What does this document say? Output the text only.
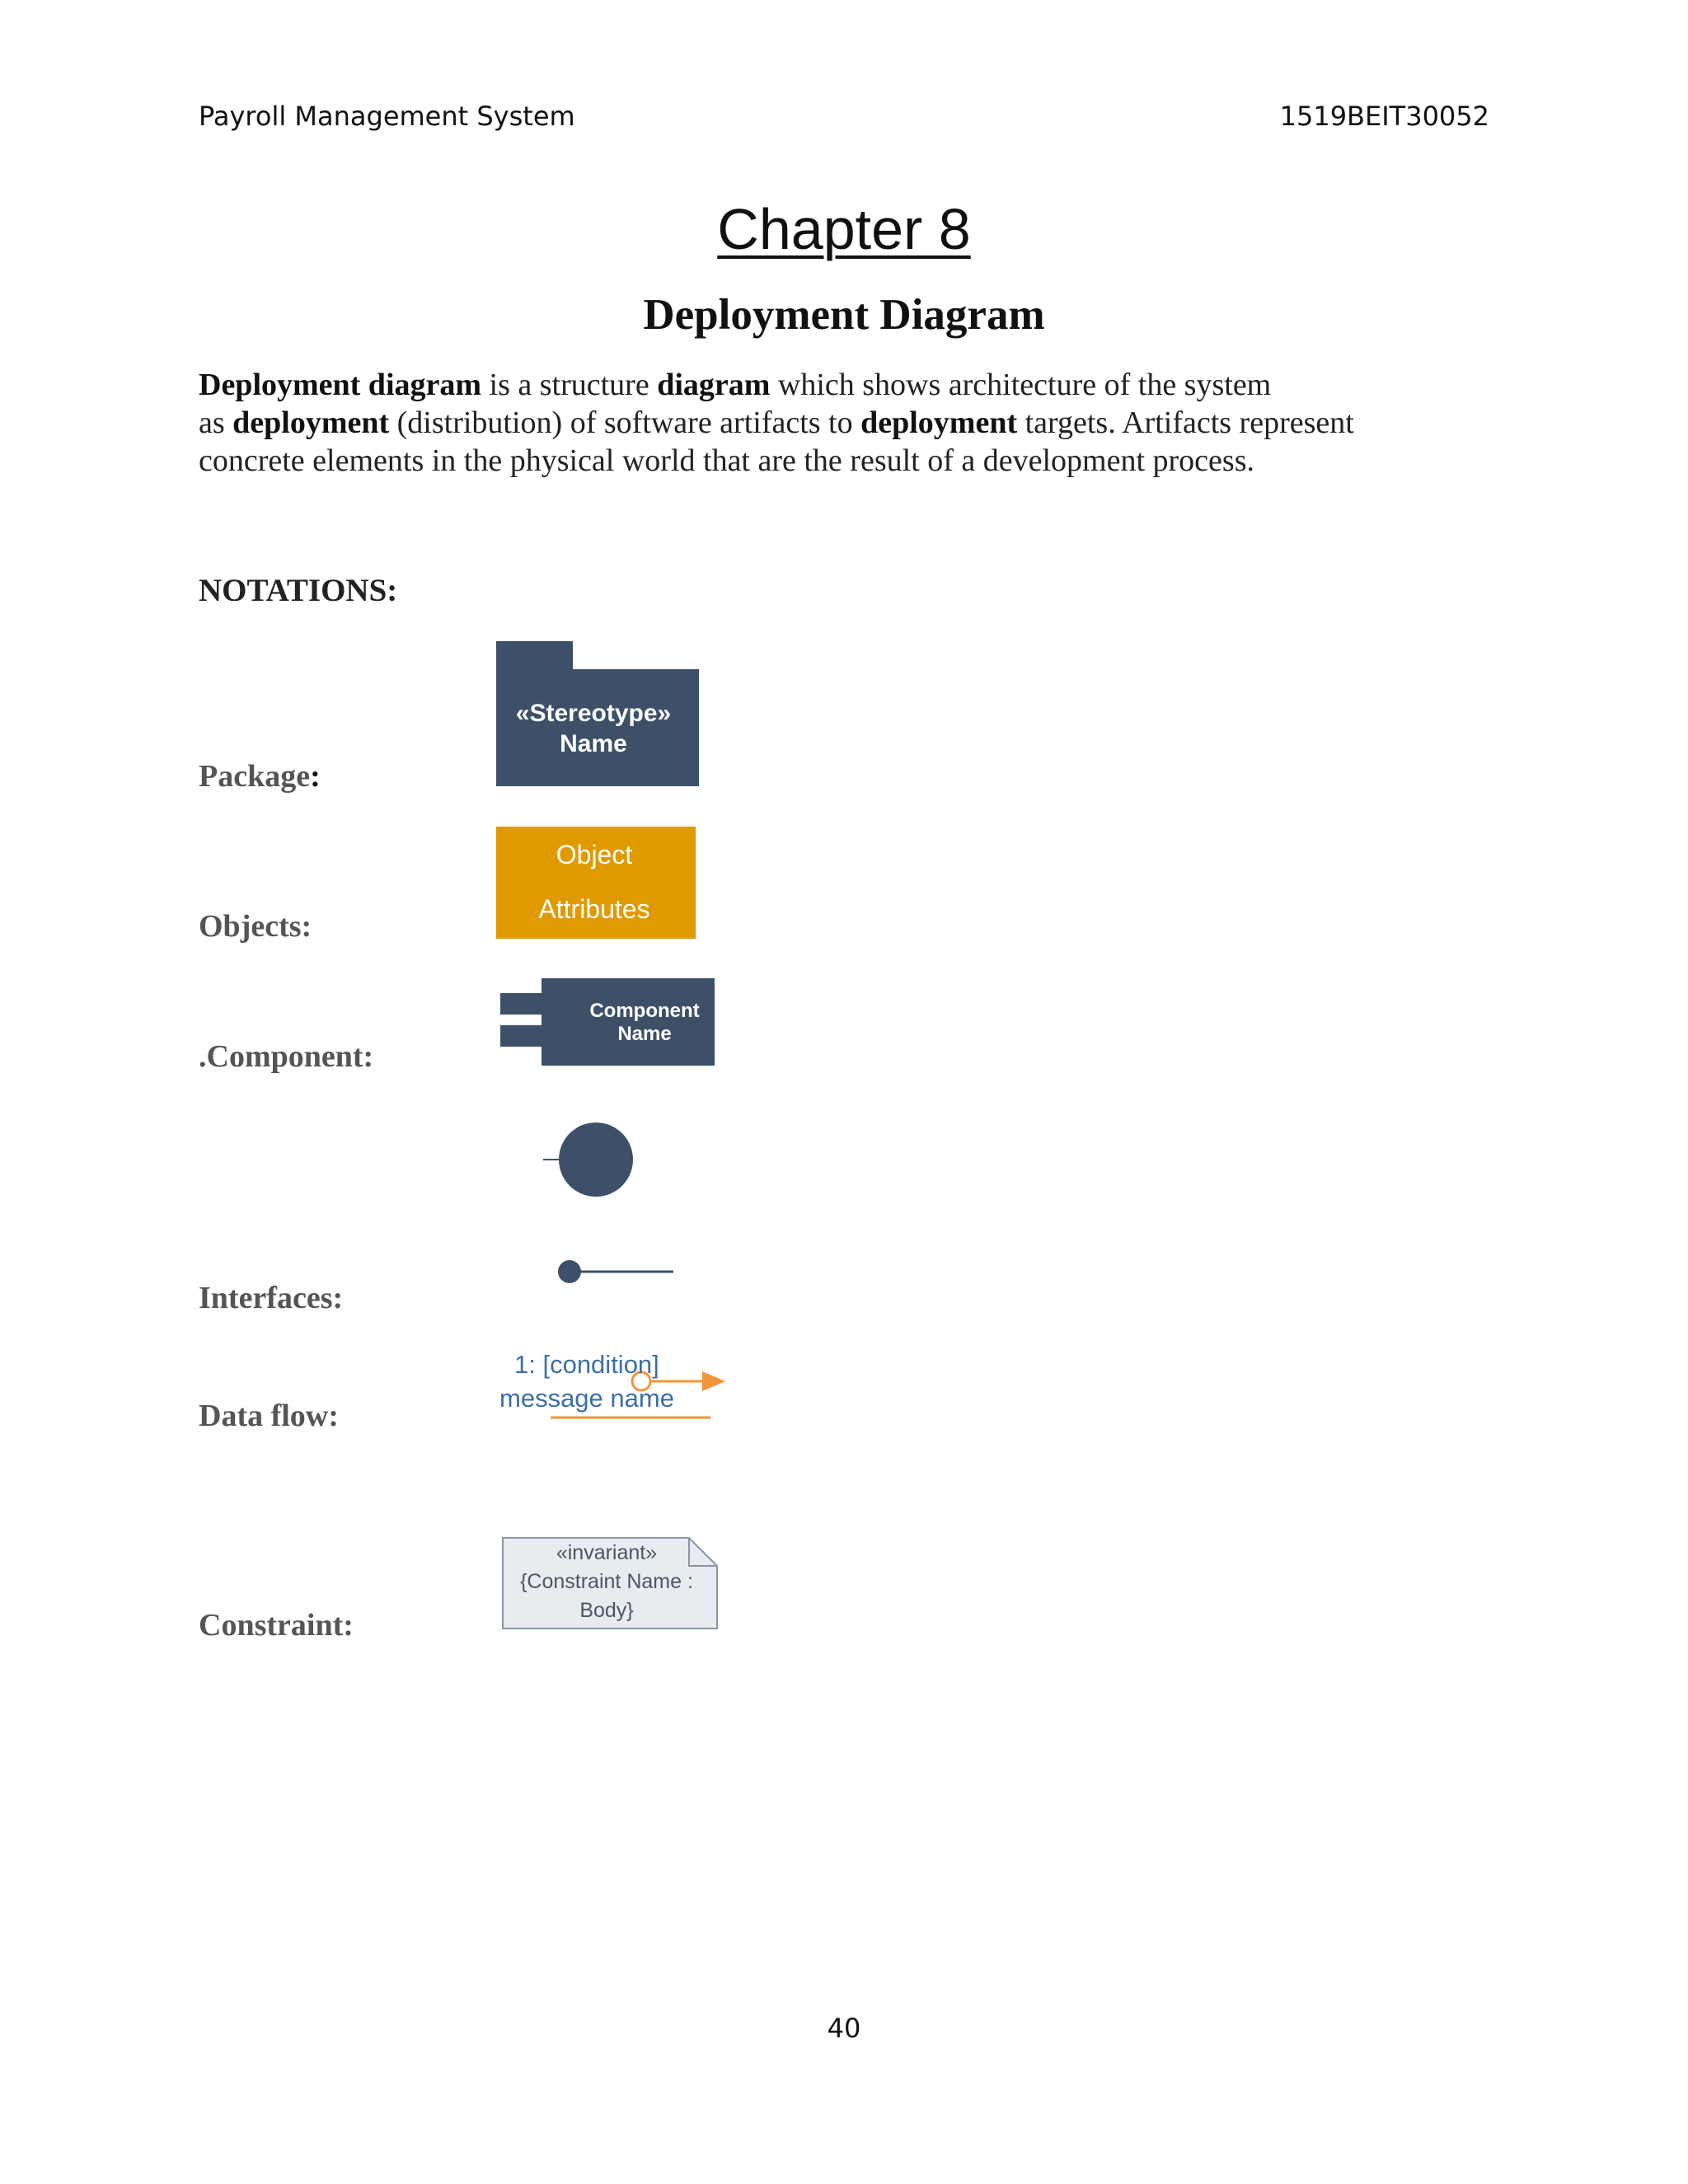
Payroll Management System	1519BEIT30052
Chapter 8
Deployment Diagram
Deployment diagram is a structure diagram which shows architecture of the system
as deployment (distribution) of software artifacts to deployment targets. Artifacts represent
concrete elements in the physical world that are the result of a development process.
NOTATIONS:
Package:
Objects:
.Component:
Interfaces:
Data flow:
Constraint:
«Stereotype»
Name
Object
Attributes
Component
Name
1: [condition]
message name
«invariant»
{Constraint Name :
Body}
40
